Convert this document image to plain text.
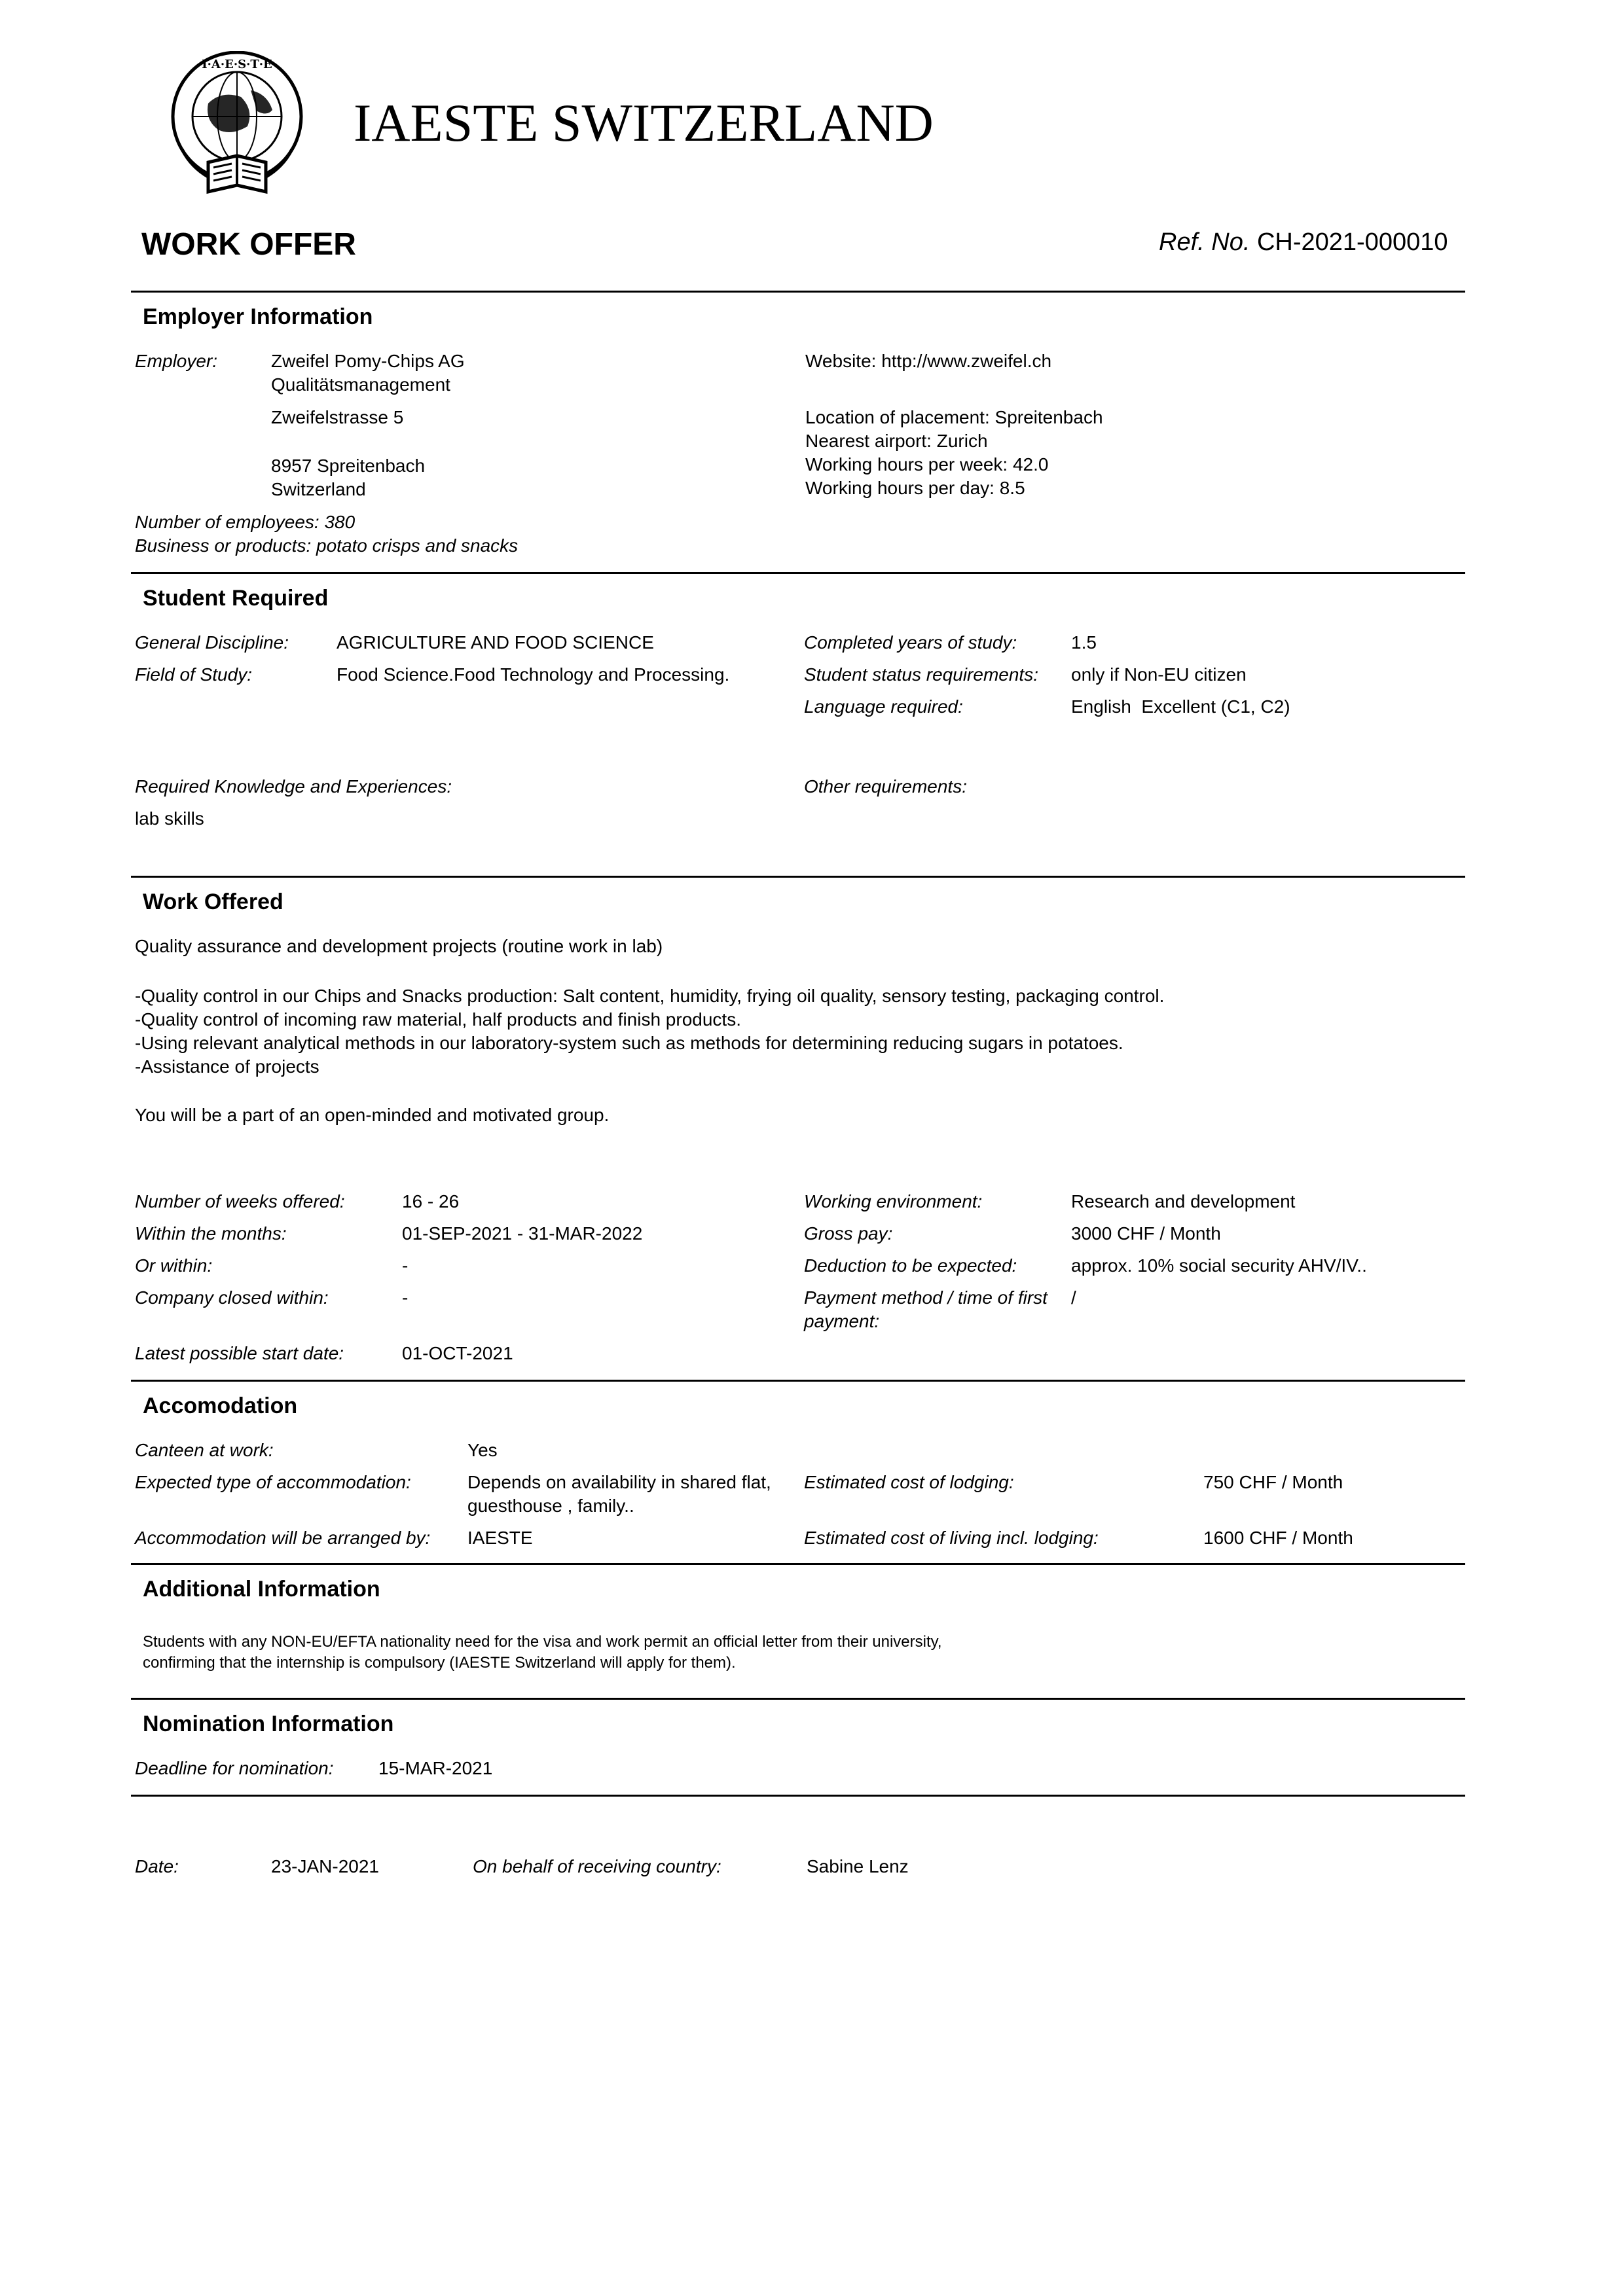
I·A·E·S·T·E
IAESTE SWITZERLAND
WORK OFFER	Ref. No. CH-2021-000010
Employer Information
Employer:	Zweifel Pomy-Chips AG
Qualitätsmanagement
Zweifelstrasse 5
8957 Spreitenbach
Switzerland
Number of employees: 380
Business or products: potato crisps and snacks
Website: http://www.zweifel.ch
Location of placement: Spreitenbach
Nearest airport: Zurich
Working hours per week: 42.0
Working hours per day: 8.5
Student Required
General Discipline:	AGRICULTURE AND FOOD SCIENCE
Field of Study:	Food Science.Food Technology and Processing.
Completed years of study:	1.5
Student status requirements: only if Non-EU citizen
Language required:	English  Excellent (C1, C2)
Required Knowledge and Experiences:
lab skills
Other requirements:
Work Offered
Quality assurance and development projects (routine work in lab)
-Quality control in our Chips and Snacks production: Salt content, humidity, frying oil quality, sensory testing, packaging control.
-Quality control of incoming raw material, half products and finish products.
-Using relevant analytical methods in our laboratory-system such as methods for determining reducing sugars in potatoes.
-Assistance of projects
You will be a part of an open-minded and motivated group.
Number of weeks offered:	16 - 26
Within the months:	01-SEP-2021 - 31-MAR-2022
Or within:	-
Company closed within:	-
Latest possible start date:	01-OCT-2021
Working environment:	Research and development
Gross pay:	3000 CHF / Month
Deduction to be expected:	approx. 10% social security AHV/IV..
Payment method / time of first
payment:
/
Accomodation
Canteen at work:	Yes
Expected type of accommodation:	Depends on availability in shared flat,
guesthouse , family..
Accommodation will be arranged by: IAESTE
Estimated cost of lodging:	750 CHF / Month
Estimated cost of living incl. lodging:	1600 CHF / Month
Additional Information
Students with any NON-EU/EFTA nationality need for the visa and work permit an official letter from their university,
confirming that the internship is compulsory (IAESTE Switzerland will apply for them).
Nomination Information
Deadline for nomination: 15-MAR-2021
Date:	23-JAN-2021	On behalf of receiving country:	Sabine Lenz
